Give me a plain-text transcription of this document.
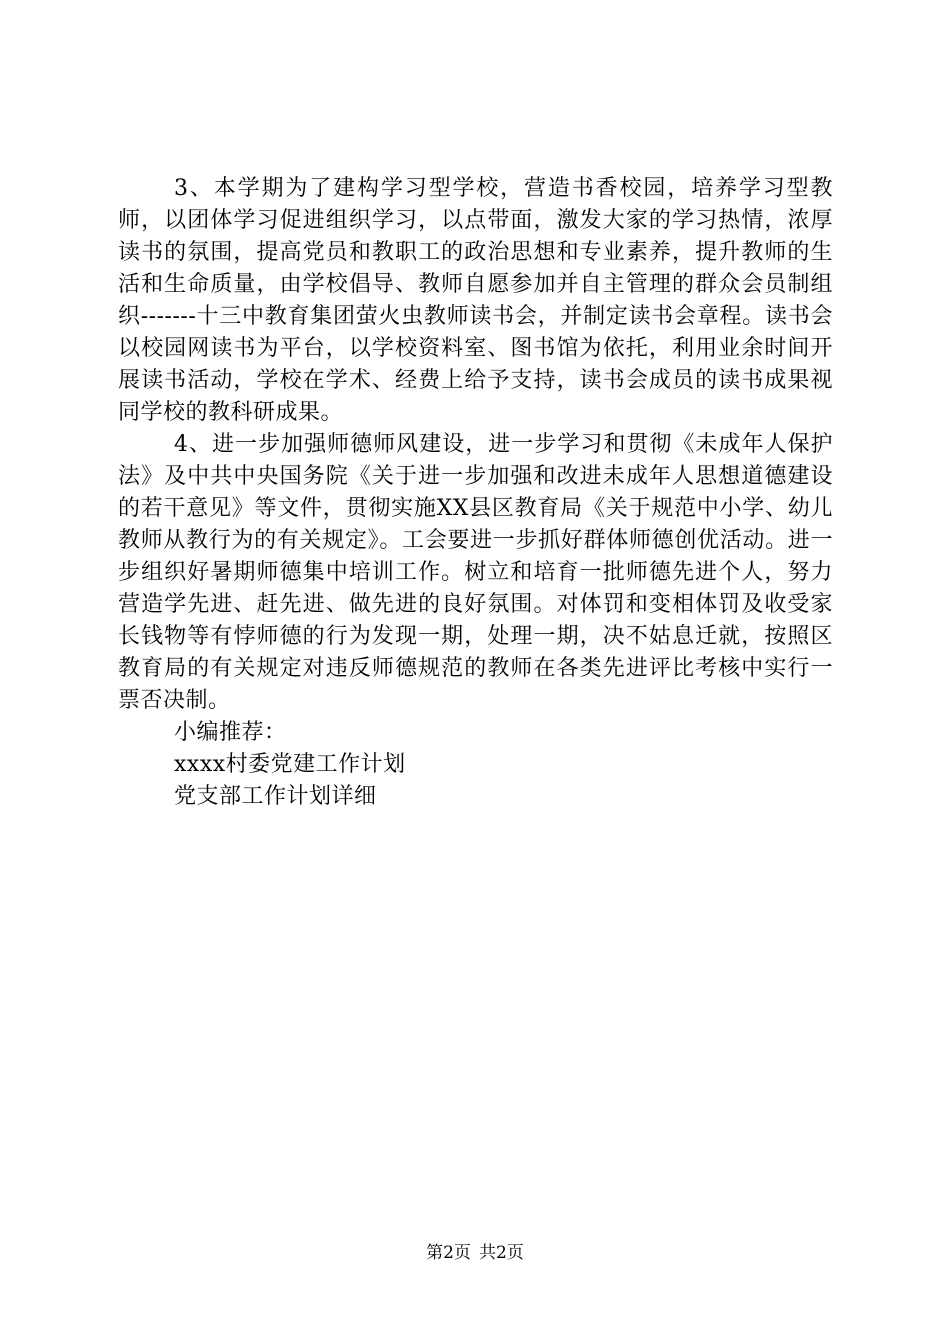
3、本学期为了建构学习型学校，营造书香校园，培养学习型教师，以团体学习促进组织学习，以点带面，激发大家的学习热情，浓厚读书的氛围，提高党员和教职工的政治思想和专业素养，提升教师的生活和生命质量，由学校倡导、教师自愿参加并自主管理的群众会员制组织-------十三中教育集团萤火虫教师读书会，并制定读书会章程。读书会以校园网读书为平台，以学校资料室、图书馆为依托，利用业余时间开展读书活动，学校在学术、经费上给予支持，读书会成员的读书成果视同学校的教科研成果。

4、进一步加强师德师风建设，进一步学习和贯彻《未成年人保护法》及中共中央国务院《关于进一步加强和改进未成年人思想道德建设的若干意见》等文件，贯彻实施XX县区教育局《关于规范中小学、幼儿教师从教行为的有关规定》。工会要进一步抓好群体师德创优活动。进一步组织好暑期师德集中培训工作。树立和培育一批师德先进个人，努力营造学先进、赶先进、做先进的良好氛围。对体罚和变相体罚及收受家长钱物等有悖师德的行为发现一期，处理一期，决不姑息迁就，按照区教育局的有关规定对违反师德规范的教师在各类先进评比考核中实行一票否决制。

小编推荐：

xxxx村委党建工作计划

党支部工作计划详细

第2页 共2页
